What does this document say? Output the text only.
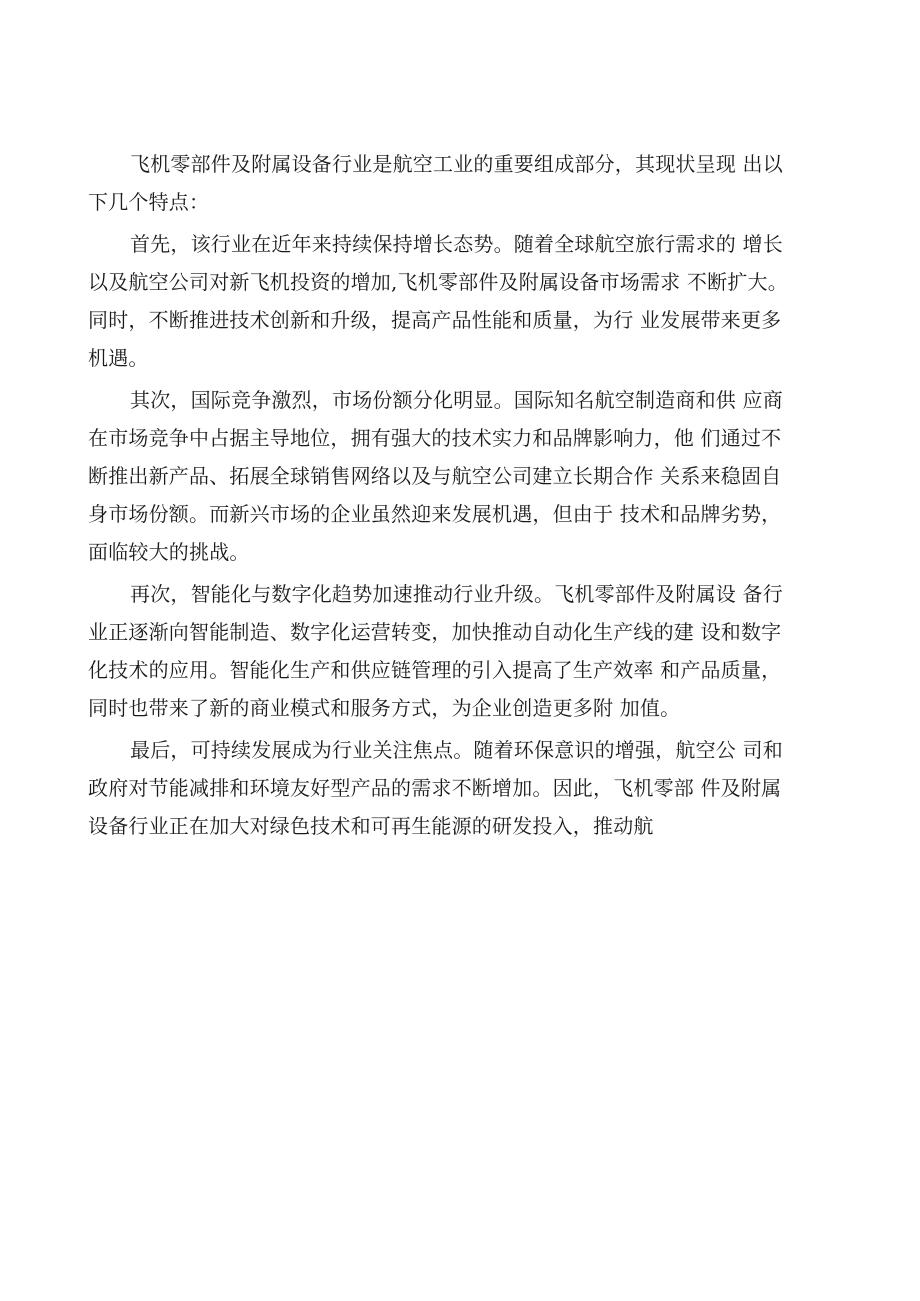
飞机零部件及附属设备行业是航空工业的重要组成部分，其现状呈现 出以
下几个特点：
首先，该行业在近年来持续保持增长态势。随着全球航空旅行需求的 增长
以及航空公司对新飞机投资的增加,飞机零部件及附属设备市场需求 不断扩大。
同时，不断推进技术创新和升级，提高产品性能和质量，为行 业发展带来更多
机遇。
其次，国际竞争激烈，市场份额分化明显。国际知名航空制造商和供 应商
在市场竞争中占据主导地位，拥有强大的技术实力和品牌影响力，他 们通过不
断推出新产品、拓展全球销售网络以及与航空公司建立长期合作 关系来稳固自
身市场份额。而新兴市场的企业虽然迎来发展机遇，但由于 技术和品牌劣势，
面临较大的挑战。
再次，智能化与数字化趋势加速推动行业升级。飞机零部件及附属设 备行
业正逐渐向智能制造、数字化运营转变，加快推动自动化生产线的建 设和数字
化技术的应用。智能化生产和供应链管理的引入提高了生产效率 和产品质量，
同时也带来了新的商业模式和服务方式，为企业创造更多附 加值。
最后，可持续发展成为行业关注焦点。随着环保意识的增强，航空公 司和
政府对节能减排和环境友好型产品的需求不断增加。因此，飞机零部 件及附属
设备行业正在加大对绿色技术和可再生能源的研发投入，推动航
